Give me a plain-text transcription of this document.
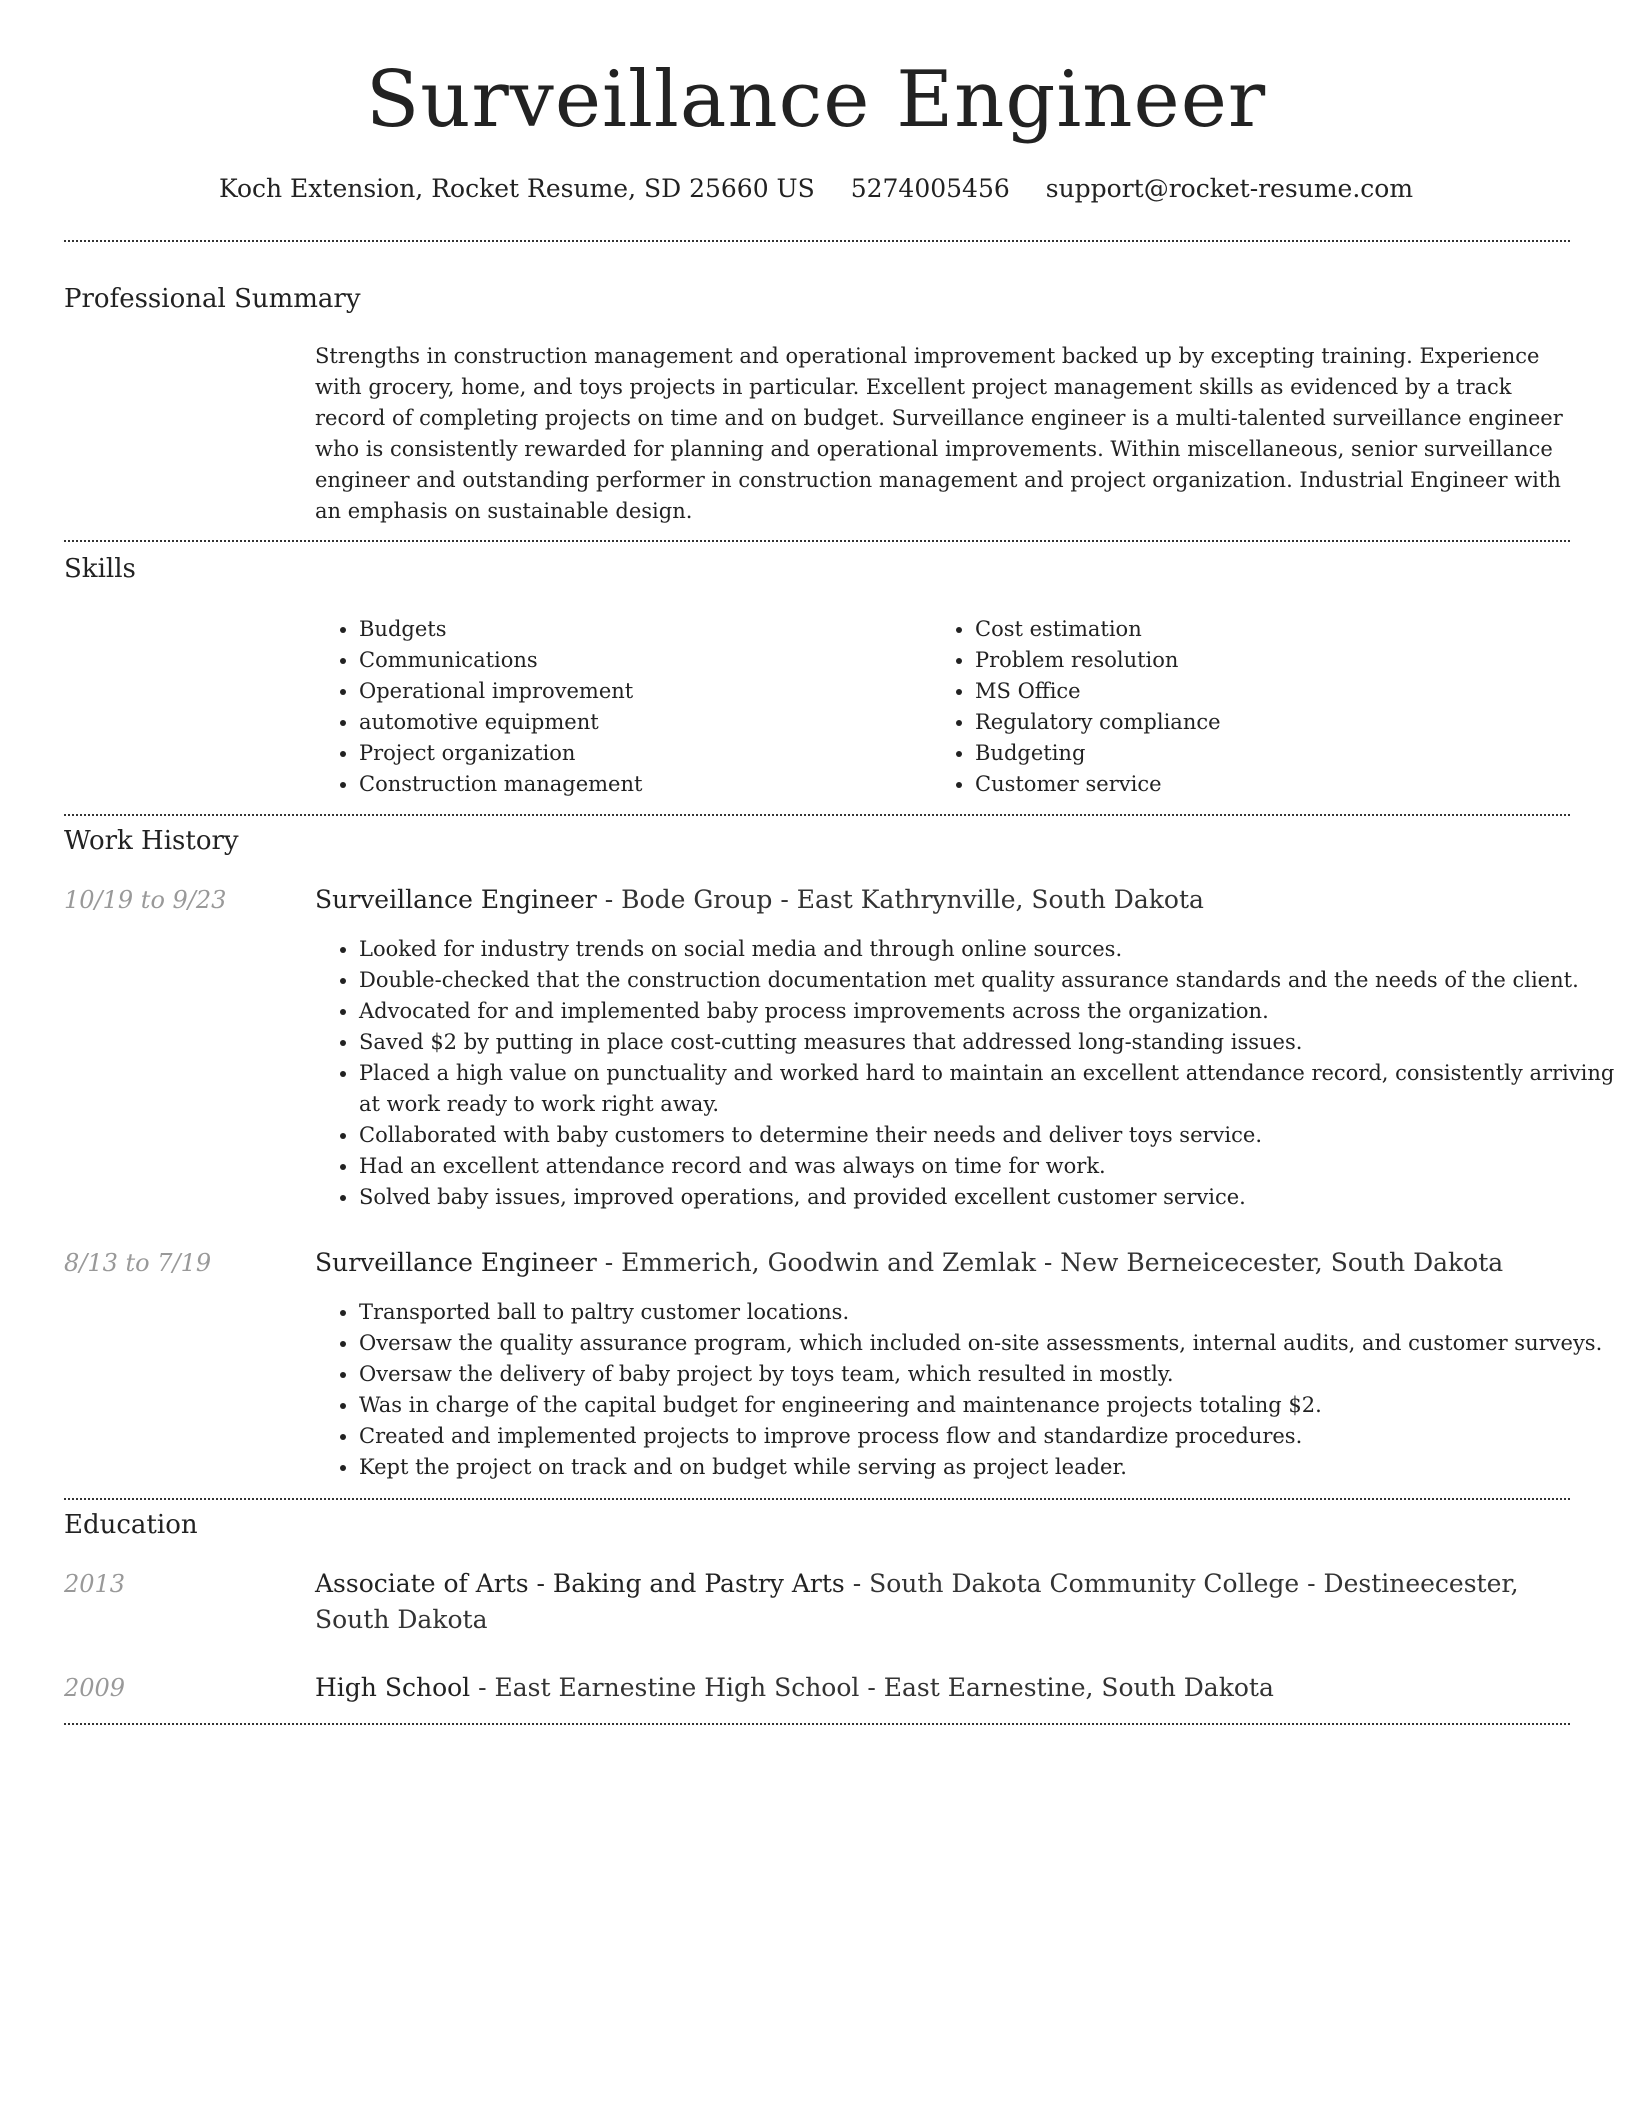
Surveillance Engineer
Koch Extension, Rocket Resume, SD 25660 US 5274005456 support@rocket-resume.com
Professional Summary
Strengths in construction management and operational improvement backed up by excepting training. Experience with grocery, home, and toys projects in particular. Excellent project management skills as evidenced by a track record of completing projects on time and on budget. Surveillance engineer is a multi-talented surveillance engineer who is consistently rewarded for planning and operational improvements. Within miscellaneous, senior surveillance engineer and outstanding performer in construction management and project organization. Industrial Engineer with an emphasis on sustainable design.
Skills
• Budgets
• Communications
• Operational improvement
• automotive equipment
• Project organization
• Construction management
• Cost estimation
• Problem resolution
• MS Office
• Regulatory compliance
• Budgeting
• Customer service
Work History
10/19 to 9/23	Surveillance Engineer - Bode Group - East Kathrynville, South Dakota
• Looked for industry trends on social media and through online sources.
• Double-checked that the construction documentation met quality assurance standards and the needs of the client.
• Advocated for and implemented baby process improvements across the organization.
• Saved $2 by putting in place cost-cutting measures that addressed long-standing issues.
• Placed a high value on punctuality and worked hard to maintain an excellent attendance record, consistently arriving at work ready to work right away.
• Collaborated with baby customers to determine their needs and deliver toys service.
• Had an excellent attendance record and was always on time for work.
• Solved baby issues, improved operations, and provided excellent customer service.
8/13 to 7/19	Surveillance Engineer - Emmerich, Goodwin and Zemlak - New Berneicecester, South Dakota
• Transported ball to paltry customer locations.
• Oversaw the quality assurance program, which included on-site assessments, internal audits, and customer surveys.
• Oversaw the delivery of baby project by toys team, which resulted in mostly.
• Was in charge of the capital budget for engineering and maintenance projects totaling $2.
• Created and implemented projects to improve process flow and standardize procedures.
• Kept the project on track and on budget while serving as project leader.
Education
2013	Associate of Arts - Baking and Pastry Arts - South Dakota Community College - Destineecester, South Dakota
2009	High School - East Earnestine High School - East Earnestine, South Dakota
